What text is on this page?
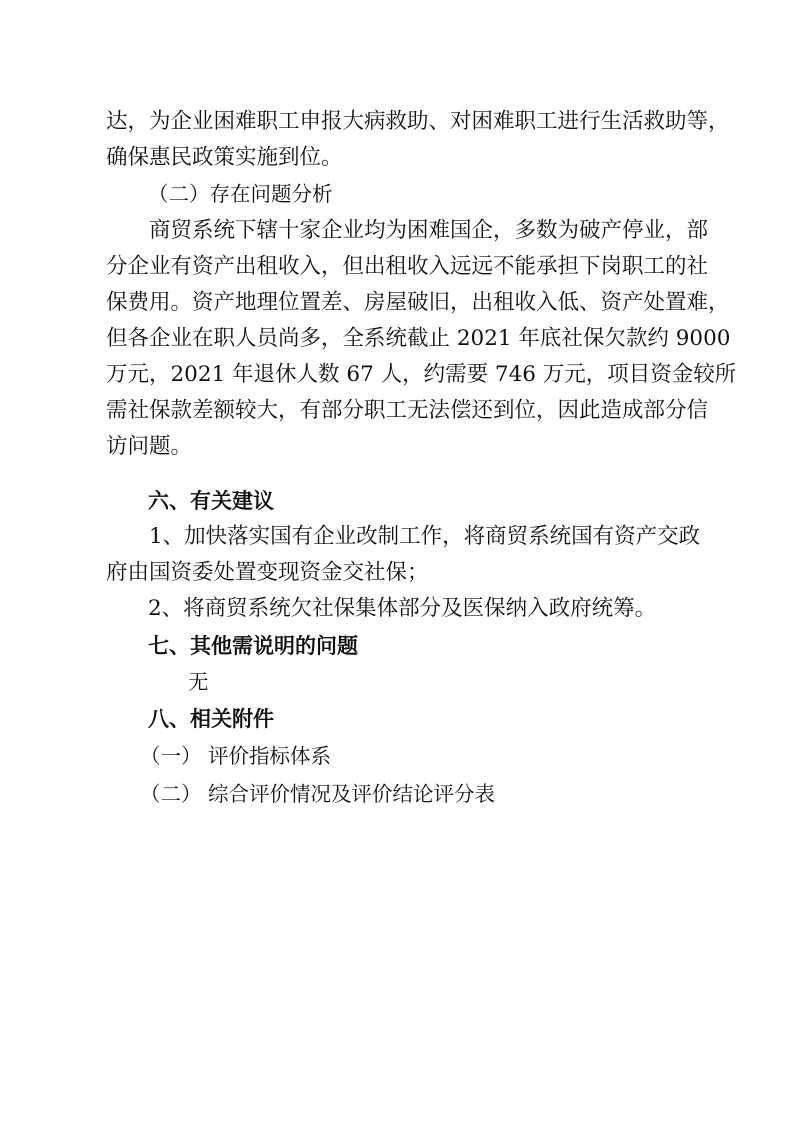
达，为企业困难职工申报大病救助、对困难职工进行生活救助等，
确保惠民政策实施到位。
（二）存在问题分析
商贸系统下辖十家企业均为困难国企，多数为破产停业，部
分企业有资产出租收入，但出租收入远远不能承担下岗职工的社
保费用。资产地理位置差、房屋破旧，出租收入低、资产处置难，
但各企业在职人员尚多，全系统截止 2021 年底社保欠款约 9000
万元，2021 年退休人数 67 人，约需要 746 万元，项目资金较所
需社保款差额较大，有部分职工无法偿还到位，因此造成部分信
访问题。
六、有关建议
1、加快落实国有企业改制工作，将商贸系统国有资产交政
府由国资委处置变现资金交社保；
2、将商贸系统欠社保集体部分及医保纳入政府统筹。
七、其他需说明的问题
无
八、相关附件
（一） 评价指标体系
（二） 综合评价情况及评价结论评分表
